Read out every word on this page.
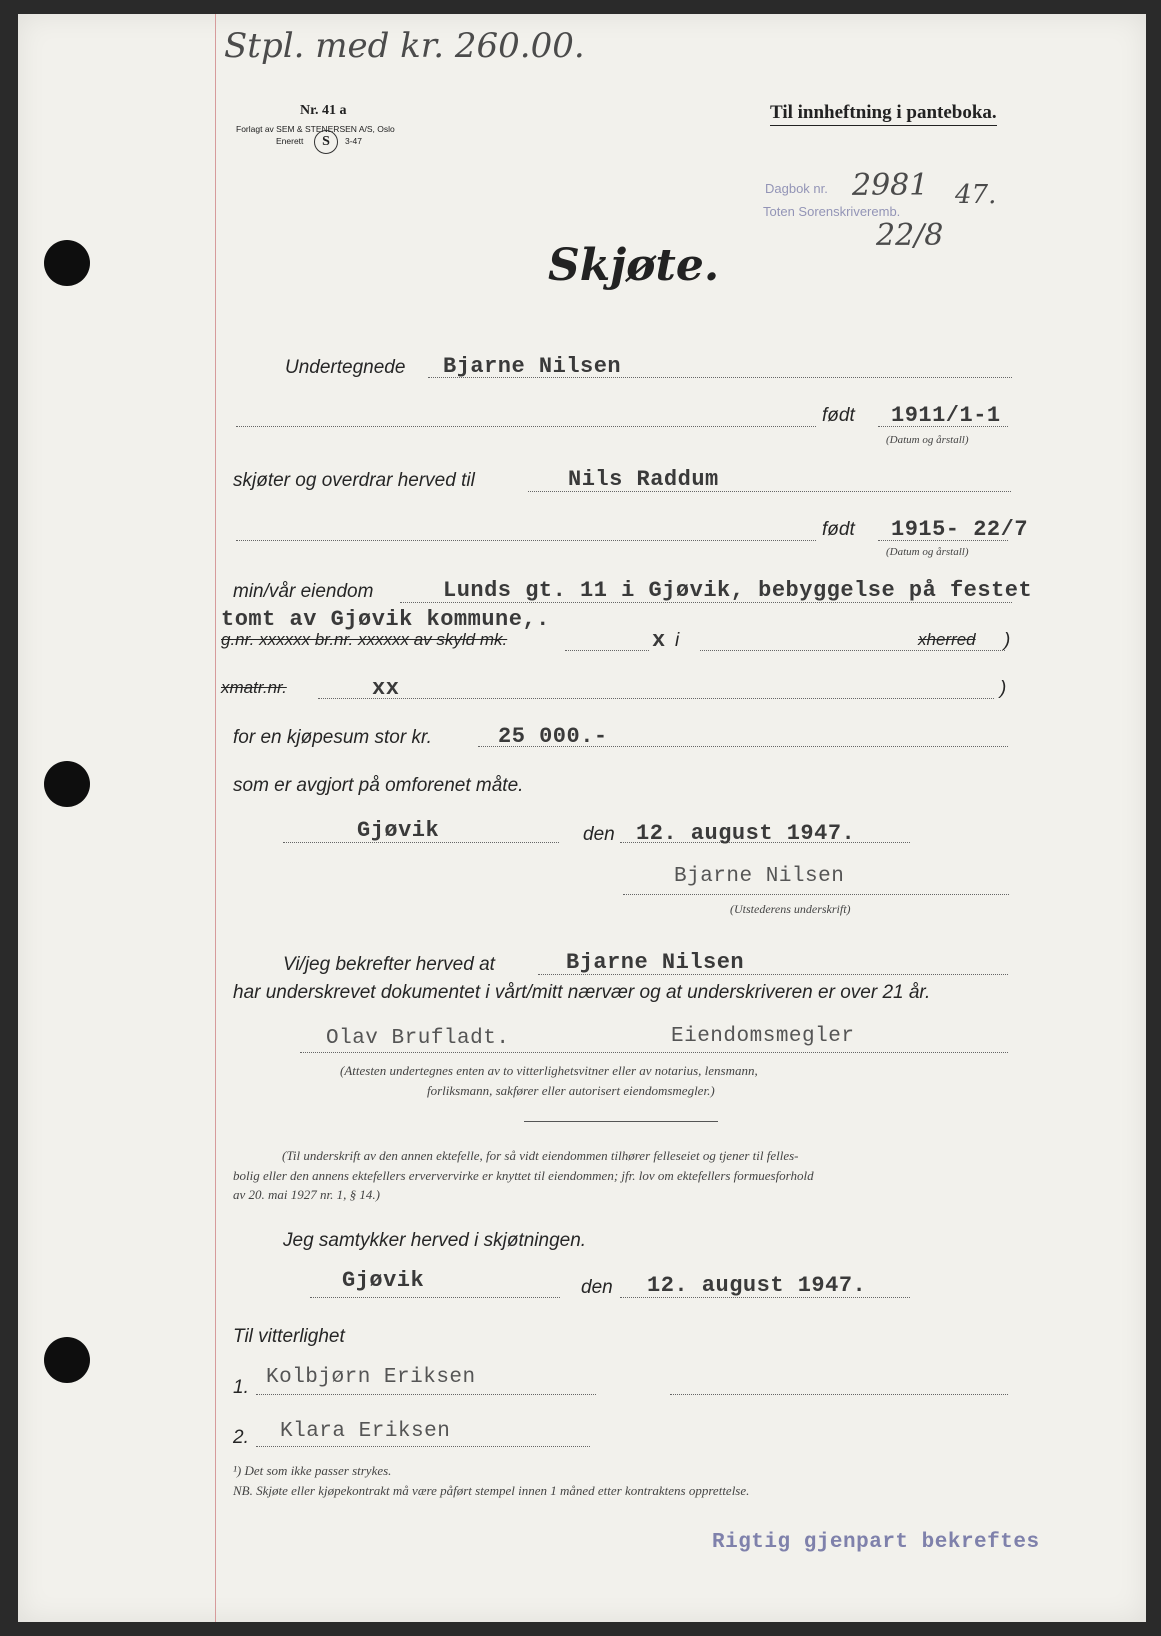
Stpl. med kr. 260.00.
Nr. 41 a
Forlagt av SEM & STENERSEN A/S, Oslo
Enerett	S	3-47
Til innheftning i panteboka.
Dagbok nr. 2981 47.
Toten Sorenskriveremb.
22/8
Skjøte.
Undertegnede Bjarne Nilsen
født 1911/1-1
(Datum og årstall)
skjøter og overdrar herved til	Nils Raddum
født 1915- 22/7
(Datum og årstall)
min/vår eiendom	Lunds gt. 11 i Gjøvik, bebyggelse på festet
tomt av Gjøvik kommune,.
g.nr. xxxxxx br.nr. xxxxxx av skyld mk.	x i	xherred )
xmatr.nr.	xx	)
for en kjøpesum stor kr.	25 000.-
som er avgjort på omforenet måte.
Gjøvik	den 12. august 1947.
Bjarne Nilsen
(Utstederens underskrift)
Vi/jeg bekrefter herved at	Bjarne Nilsen
har underskrevet dokumentet i vårt/mitt nærvær og at underskriveren er over 21 år.
Olav Brufladt.	Eiendomsmegler
(Attesten undertegnes enten av to vitterlighetsvitner eller av notarius, lensmann,
forliksmann, sakfører eller autorisert eiendomsmegler.)
(Til underskrift av den annen ektefelle, for så vidt eiendommen tilhører felleseiet og tjener til felles-
bolig eller den annens ektefellers erververvirke er knyttet til eiendommen; jfr. lov om ektefellers formuesforhold
av 20. mai 1927 nr. 1, § 14.)
Jeg samtykker herved i skjøtningen.
Gjøvik	den 12. august 1947.
Til vitterlighet
1. Kolbjørn Eriksen
2. Klara Eriksen
¹) Det som ikke passer strykes.
NB. Skjøte eller kjøpekontrakt må være påført stempel innen 1 måned etter kontraktens opprettelse.
Rigtig gjenpart bekreftes
